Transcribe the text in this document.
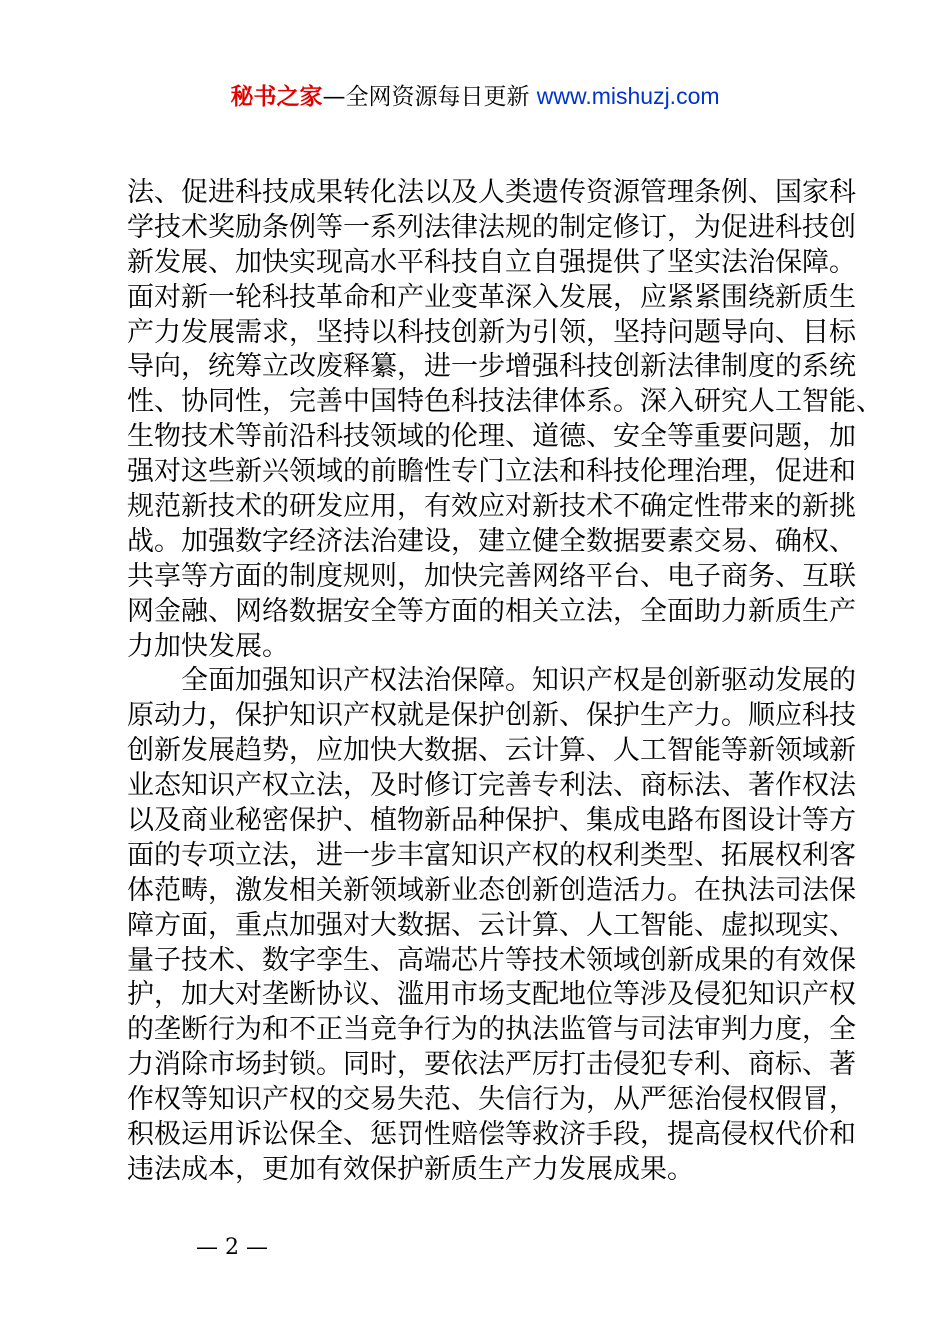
秘书之家—全网资源每日更新 www.mishuzj.com
法、促进科技成果转化法以及人类遗传资源管理条例、国家科
学技术奖励条例等一系列法律法规的制定修订，为促进科技创
新发展、加快实现高水平科技自立自强提供了坚实法治保障。
面对新一轮科技革命和产业变革深入发展，应紧紧围绕新质生
产力发展需求，坚持以科技创新为引领，坚持问题导向、目标
导向，统筹立改废释纂，进一步增强科技创新法律制度的系统
性、协同性，完善中国特色科技法律体系。深入研究人工智能、
生物技术等前沿科技领域的伦理、道德、安全等重要问题，加
强对这些新兴领域的前瞻性专门立法和科技伦理治理，促进和
规范新技术的研发应用，有效应对新技术不确定性带来的新挑
战。加强数字经济法治建设，建立健全数据要素交易、确权、
共享等方面的制度规则，加快完善网络平台、电子商务、互联
网金融、网络数据安全等方面的相关立法，全面助力新质生产
力加快发展。
全面加强知识产权法治保障。知识产权是创新驱动发展的
原动力，保护知识产权就是保护创新、保护生产力。顺应科技
创新发展趋势，应加快大数据、云计算、人工智能等新领域新
业态知识产权立法，及时修订完善专利法、商标法、著作权法
以及商业秘密保护、植物新品种保护、集成电路布图设计等方
面的专项立法，进一步丰富知识产权的权利类型、拓展权利客
体范畴，激发相关新领域新业态创新创造活力。在执法司法保
障方面，重点加强对大数据、云计算、人工智能、虚拟现实、
量子技术、数字孪生、高端芯片等技术领域创新成果的有效保
护，加大对垄断协议、滥用市场支配地位等涉及侵犯知识产权
的垄断行为和不正当竞争行为的执法监管与司法审判力度，全
力消除市场封锁。同时，要依法严厉打击侵犯专利、商标、著
作权等知识产权的交易失范、失信行为，从严惩治侵权假冒，
积极运用诉讼保全、惩罚性赔偿等救济手段，提高侵权代价和
违法成本，更加有效保护新质生产力发展成果。
— 2 —
